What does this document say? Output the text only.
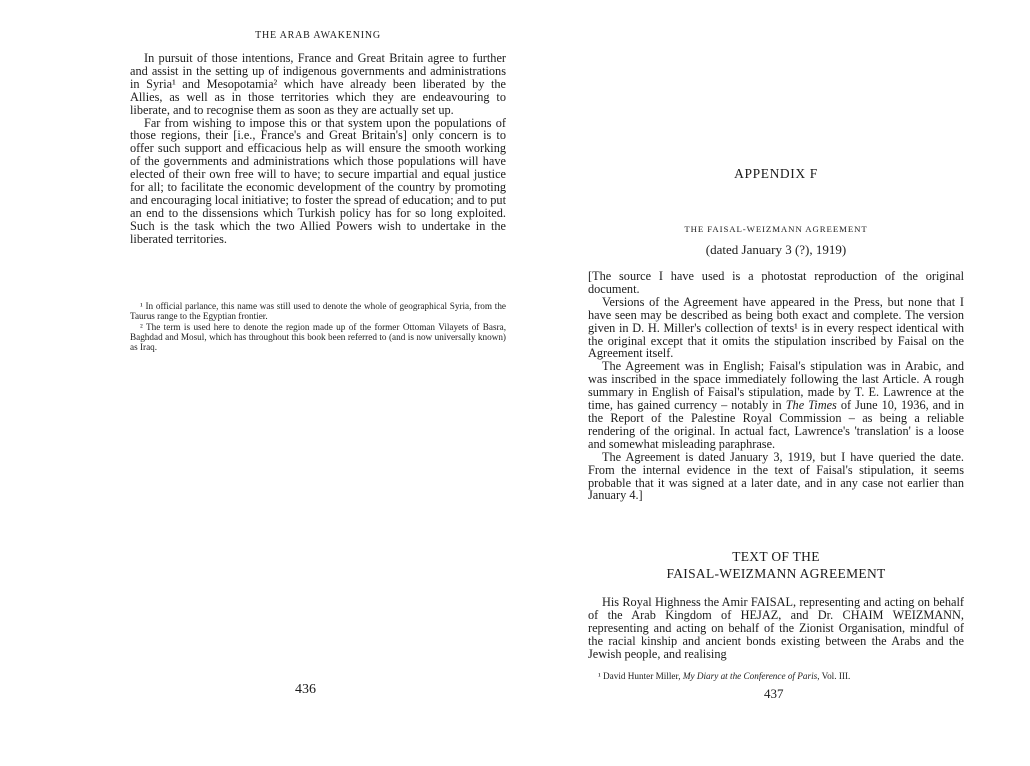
THE ARAB AWAKENING

In pursuit of those intentions, France and Great Britain agree to further and assist in the setting up of indigenous governments and administrations in Syria¹ and Mesopotamia² which have already been liberated by the Allies, as well as in those territories which they are endeavouring to liberate, and to recognise them as soon as they are actually set up.

Far from wishing to impose this or that system upon the populations of those regions, their [i.e., France's and Great Britain's] only concern is to offer such support and efficacious help as will ensure the smooth working of the governments and administrations which those populations will have elected of their own free will to have; to secure impartial and equal justice for all; to facilitate the economic development of the country by promoting and encouraging local initiative; to foster the spread of education; and to put an end to the dissensions which Turkish policy has for so long exploited. Such is the task which the two Allied Powers wish to undertake in the liberated territories.

¹ In official parlance, this name was still used to denote the whole of geographical Syria, from the Taurus range to the Egyptian frontier.

² The term is used here to denote the region made up of the former Ottoman Vilayets of Basra, Baghdad and Mosul, which has throughout this book been referred to (and is now universally known) as Iraq.

436
APPENDIX F
THE FAISAL-WEIZMANN AGREEMENT
(dated January 3 (?), 1919)

[The source I have used is a photostat reproduction of the original document.

Versions of the Agreement have appeared in the Press, but none that I have seen may be described as being both exact and complete. The version given in D. H. Miller's collection of texts¹ is in every respect identical with the original except that it omits the stipulation inscribed by Faisal on the Agreement itself.

The Agreement was in English; Faisal's stipulation was in Arabic, and was inscribed in the space immediately following the last Article. A rough summary in English of Faisal's stipulation, made by T. E. Lawrence at the time, has gained currency – notably in The Times of June 10, 1936, and in the Report of the Palestine Royal Commission – as being a reliable rendering of the original. In actual fact, Lawrence's 'translation' is a loose and somewhat misleading paraphrase.

The Agreement is dated January 3, 1919, but I have queried the date. From the internal evidence in the text of Faisal's stipulation, it seems probable that it was signed at a later date, and in any case not earlier than January 4.]

TEXT OF THE
FAISAL-WEIZMANN AGREEMENT

His Royal Highness the Amir FAISAL, representing and acting on behalf of the Arab Kingdom of HEJAZ, and Dr. CHAIM WEIZMANN, representing and acting on behalf of the Zionist Organisation, mindful of the racial kinship and ancient bonds existing between the Arabs and the Jewish people, and realising

¹ David Hunter Miller, My Diary at the Conference of Paris, Vol. III.
437
